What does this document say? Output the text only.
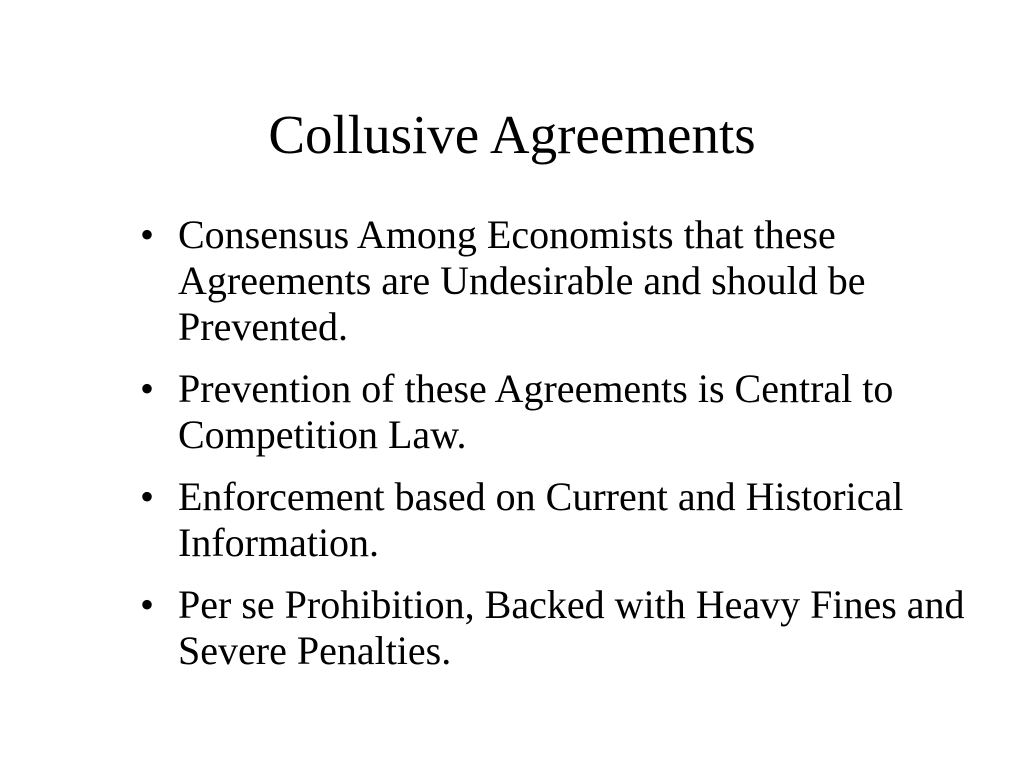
Collusive Agreements
• Consensus Among Economists that these Agreements are Undesirable and should be Prevented.
• Prevention of these Agreements is Central to Competition Law.
• Enforcement based on Current and Historical Information.
• Per se Prohibition, Backed with Heavy Fines and Severe Penalties.
